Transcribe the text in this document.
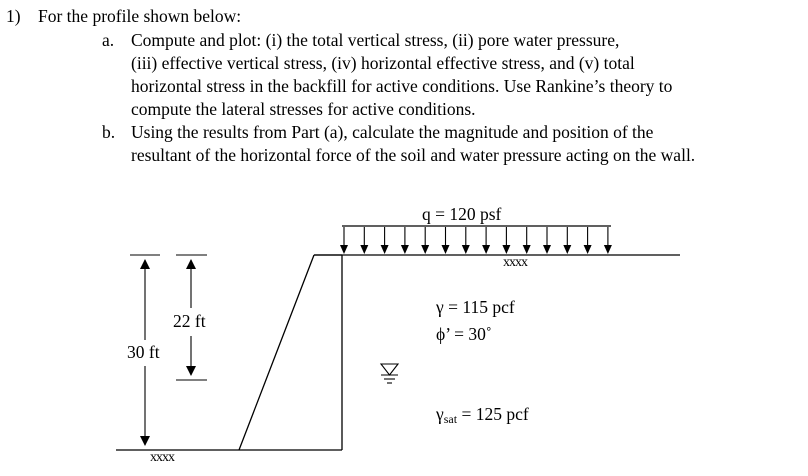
1) For the profile shown below:
a. Compute and plot: (i) the total vertical stress, (ii) pore water pressure,
(iii) effective vertical stress, (iv) horizontal effective stress, and (v) total
horizontal stress in the backfill for active conditions. Use Rankine’s theory to
compute the lateral stresses for active conditions.
b. Using the results from Part (a), calculate the magnitude and position of the
resultant of the horizontal force of the soil and water pressure acting on the wall.
q = 120 psf
xxxx
xxxx
30 ft
22 ft
γ = 115 pcf
ϕ’ = 30˚
γsat = 125 pcf
